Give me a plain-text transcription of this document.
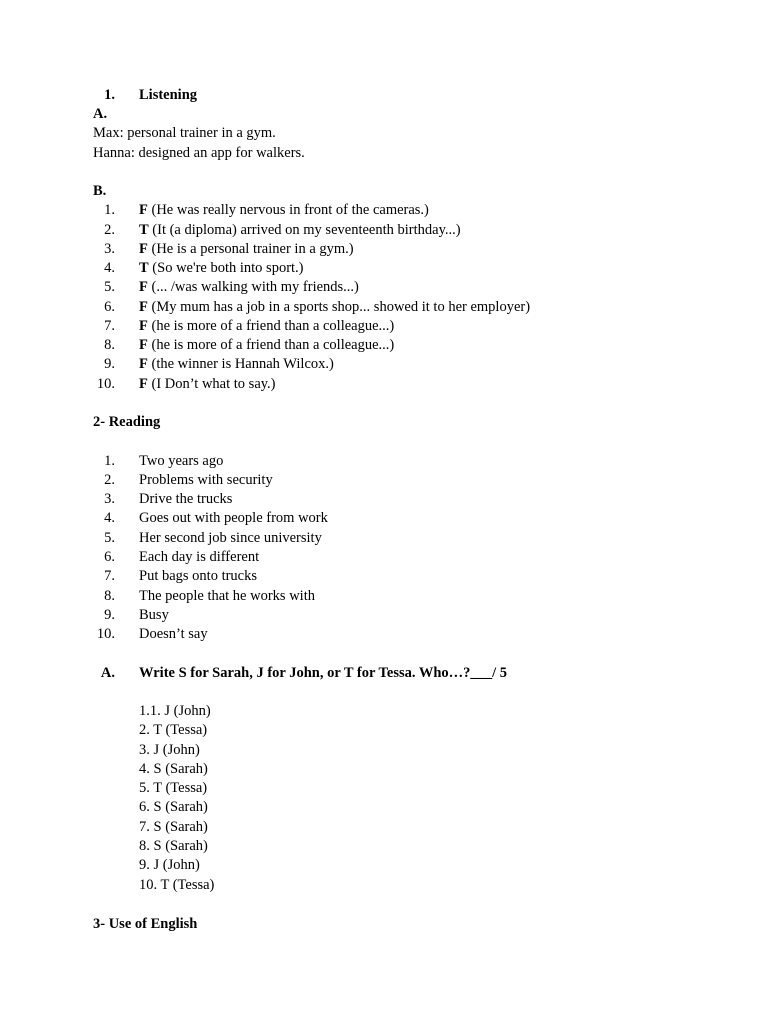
1. Listening
A.
Max: personal trainer in a gym.
Hanna: designed an app for walkers.
B.
1. F (He was really nervous in front of the cameras.)
2. T (It (a diploma) arrived on my seventeenth birthday...)
3. F (He is a personal trainer in a gym.)
4. T (So we're both into sport.)
5. F (... /was walking with my friends...)
6. F (My mum has a job in a sports shop... showed it to her employer)
7. F (he is more of a friend than a colleague...)
8. F (he is more of a friend than a colleague...)
9. F (the winner is Hannah Wilcox.)
10. F (I Don’t what to say.)
2- Reading
1. Two years ago
2. Problems with security
3. Drive the trucks
4. Goes out with people from work
5. Her second job since university
6. Each day is different
7. Put bags onto trucks
8. The people that he works with
9. Busy
10. Doesn’t say
A. Write S for Sarah, J for John, or T for Tessa. Who…?___/ 5
1.1. J (John)
2. T (Tessa)
3. J (John)
4. S (Sarah)
5. T (Tessa)
6. S (Sarah)
7. S (Sarah)
8. S (Sarah)
9. J (John)
10. T (Tessa)
3- Use of English
